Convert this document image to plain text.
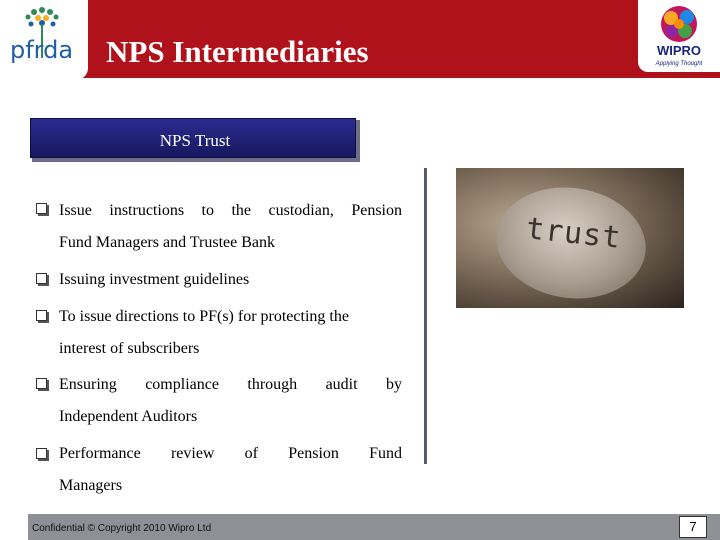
pfrda	WIPRO
Applying Thought
NPS Intermediaries
NPS Trust
Issue instructions to the custodian, Pension
Fund Managers and Trustee Bank
Issuing investment guidelines
To issue directions to PF(s) for protecting the
interest of subscribers
Ensuring compliance through audit by
Independent Auditors
Performance review of Pension Fund
Managers
trust
Confidential © Copyright 2010 Wipro Ltd	7
